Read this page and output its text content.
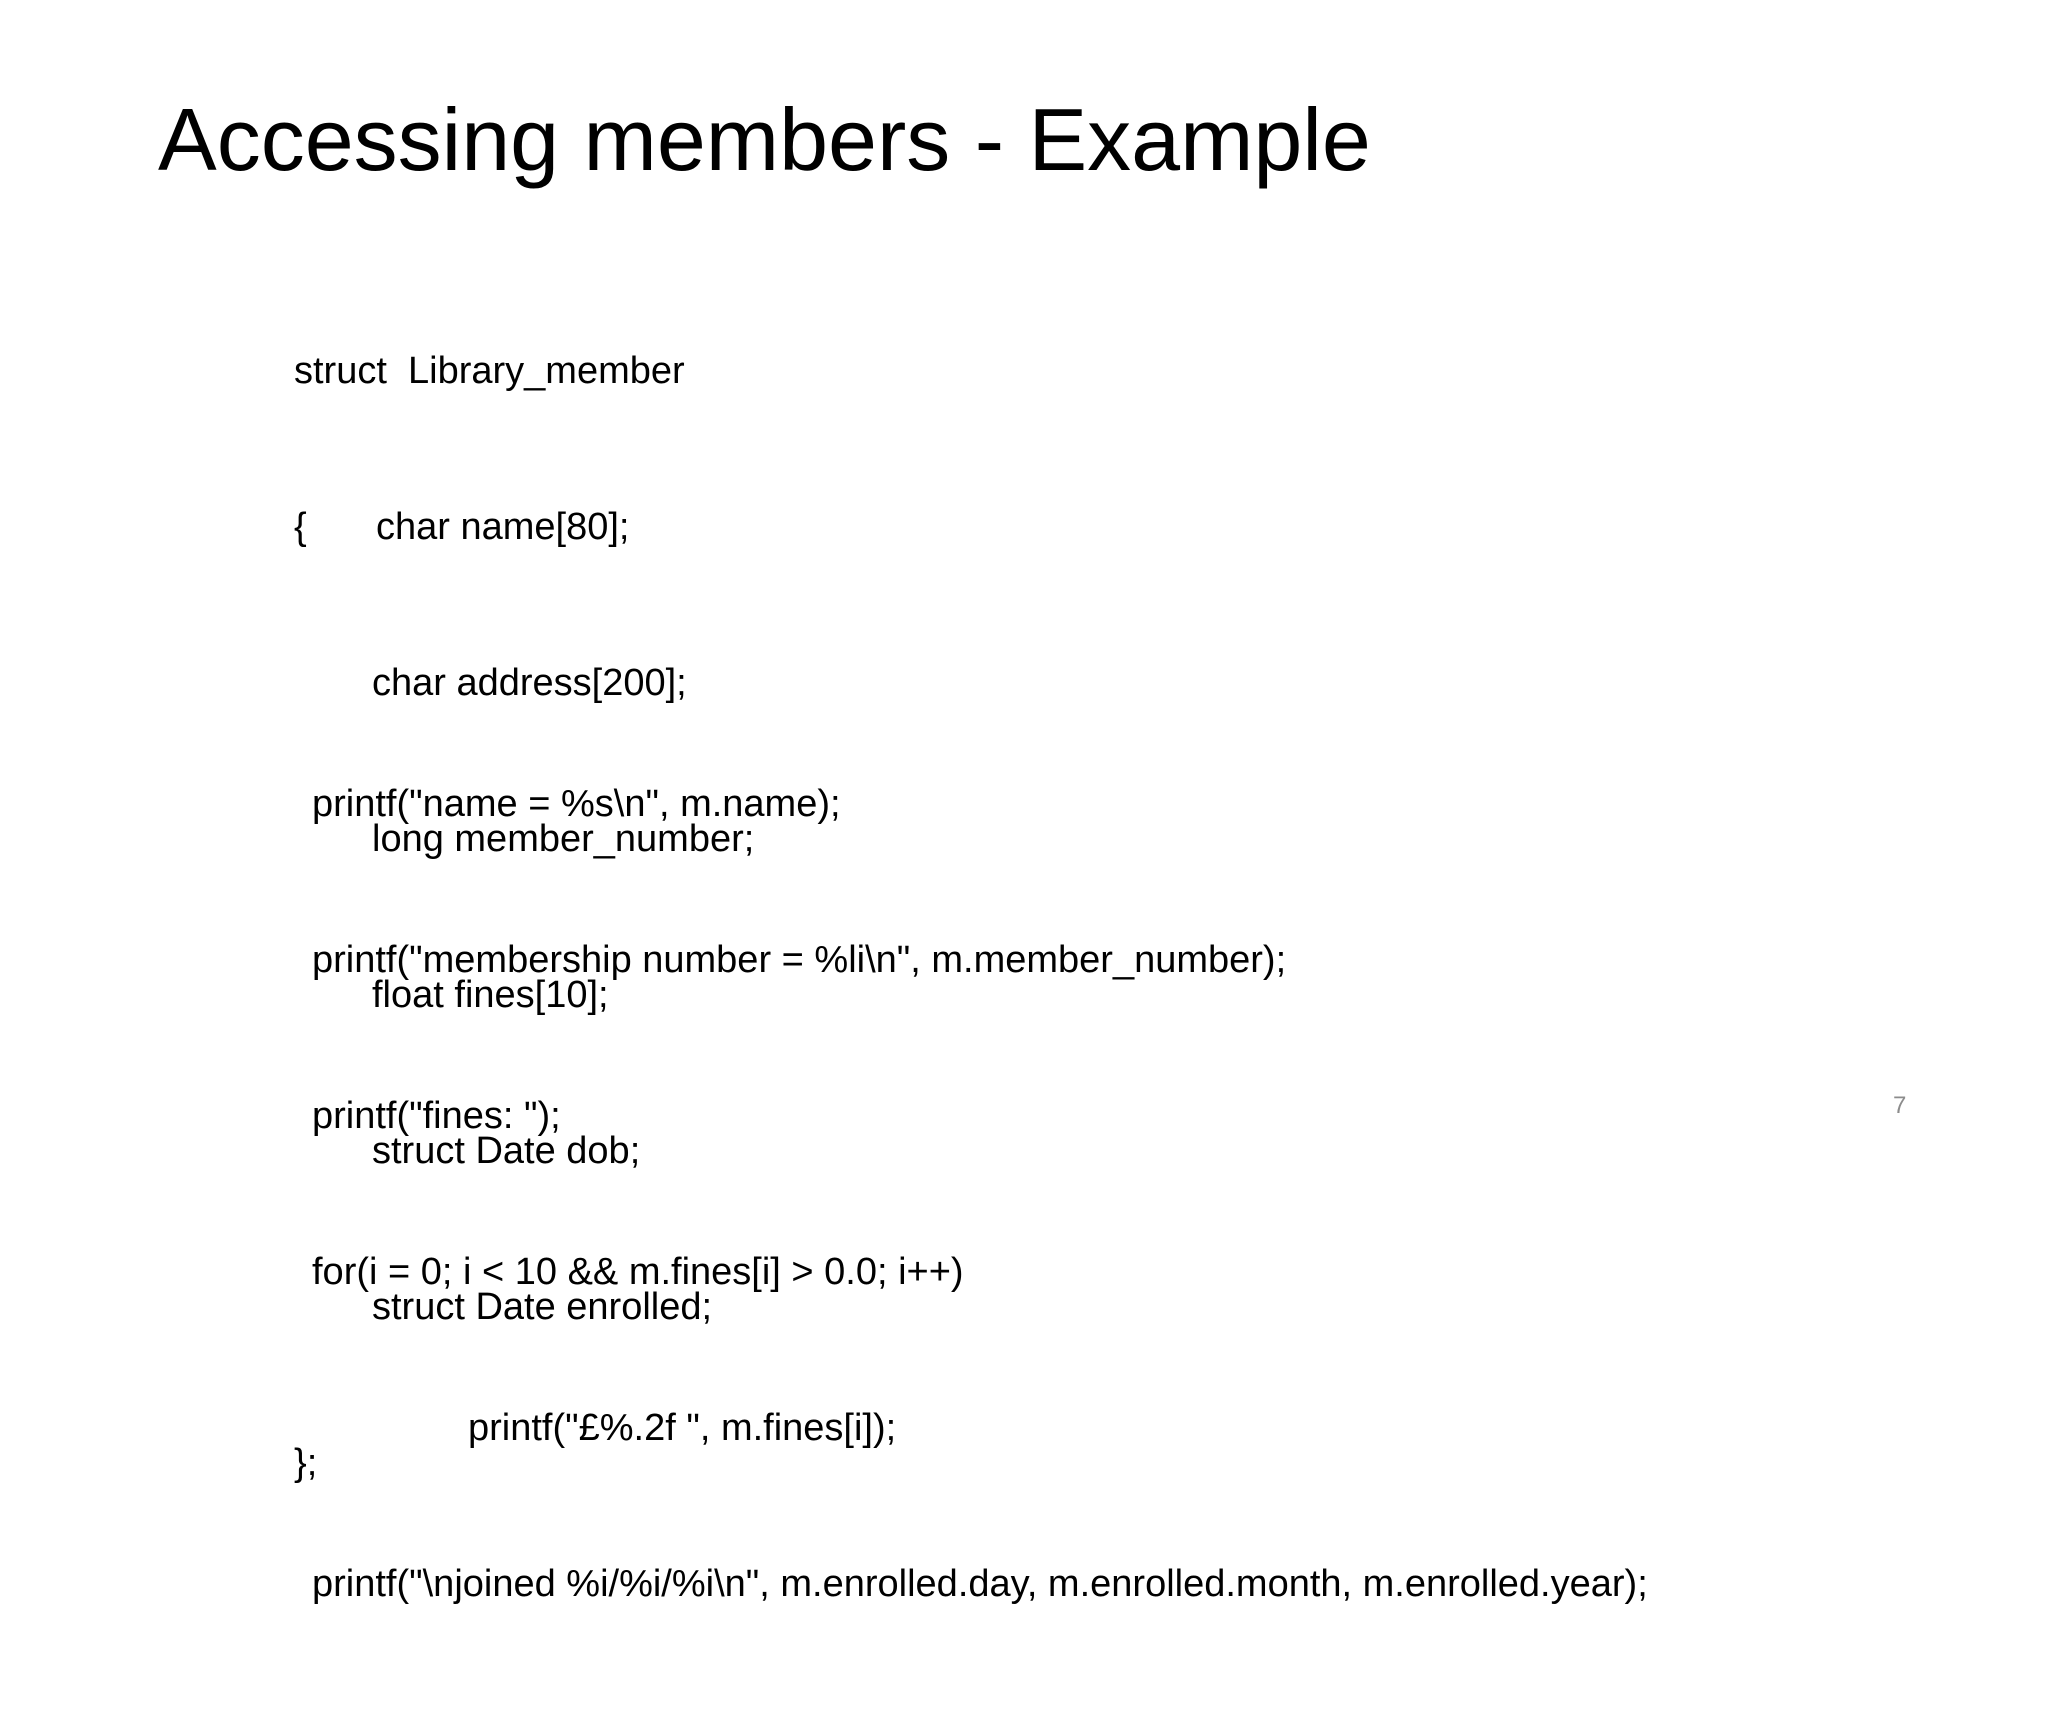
Accessing members - Example

struct  Library_member

{ char name[80];

char address[200];

long member_number;

float fines[10];

struct Date dob;

struct Date enrolled;

};

printf("name = %s\n", m.name);

printf("membership number = %li\n", m.member_number);

printf("fines: ");

for(i = 0; i < 10 && m.fines[i] > 0.0; i++)

printf("£%.2f ", m.fines[i]);

printf("\njoined %i/%i/%i\n", m.enrolled.day, m.enrolled.month, m.enrolled.year);

7
